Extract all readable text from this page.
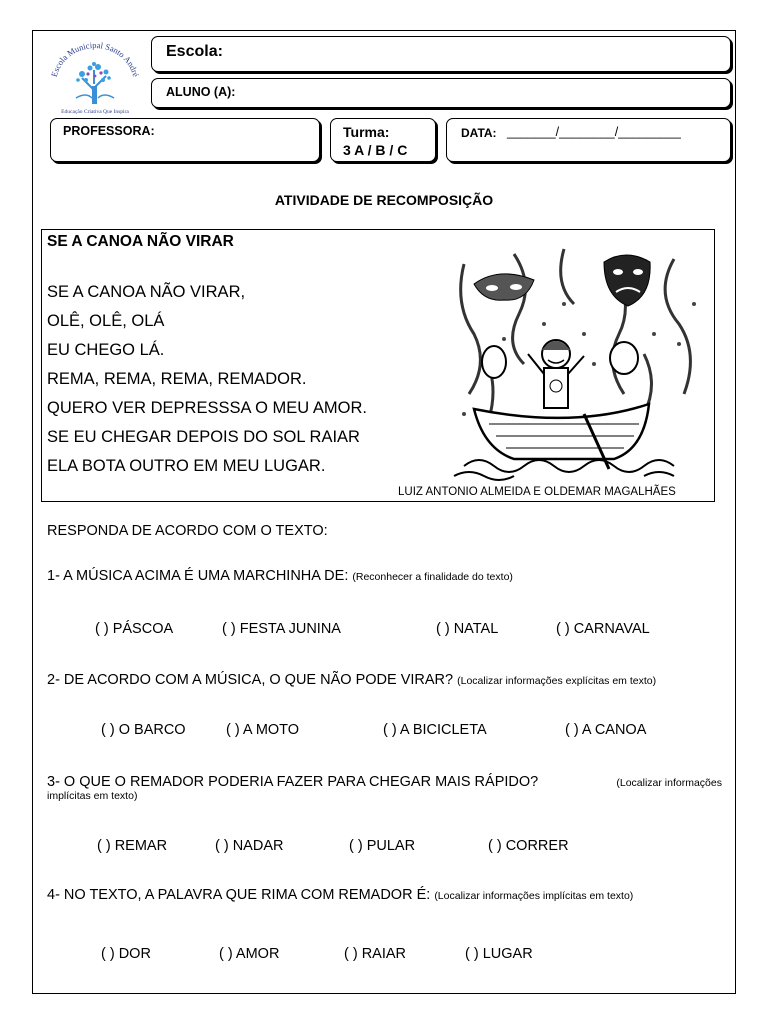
Escola Municipal Santo André
Educação Criativa Que Inspira
Escola:
ALUNO (A):
PROFESSORA:	Turma:
3 A / B / C
DATA: _______/________/_________
ATIVIDADE DE RECOMPOSIÇÃO
SE A CANOA NÃO VIRAR
SE A CANOA NÃO VIRAR,
OLÊ, OLÊ, OLÁ
EU CHEGO LÁ.
REMA, REMA, REMA, REMADOR.
QUERO VER DEPRESSSA O MEU AMOR.
SE EU CHEGAR DEPOIS DO SOL RAIAR
ELA BOTA OUTRO EM MEU LUGAR.
LUIZ ANTONIO ALMEIDA E OLDEMAR MAGALHÃES
RESPONDA DE ACORDO COM O TEXTO:
1- A MÚSICA ACIMA É UMA MARCHINHA DE: (Reconhecer a finalidade do texto)
( ) PÁSCOA	( ) FESTA JUNINA	( ) NATAL	( ) CARNAVAL
2- DE ACORDO COM A MÚSICA, O QUE NÃO PODE VIRAR? (Localizar informações explícitas em texto)
( ) O BARCO	( ) A MOTO	( ) A BICICLETA	( ) A CANOA
3- O QUE O REMADOR PODERIA FAZER PARA CHEGAR MAIS RÁPIDO?	(Localizar informações
implícitas em texto)
( ) REMAR	( ) NADAR	( ) PULAR	( ) CORRER
4- NO TEXTO, A PALAVRA QUE RIMA COM REMADOR É: (Localizar informações implícitas em texto)
( ) DOR	( ) AMOR	( ) RAIAR	( ) LUGAR
